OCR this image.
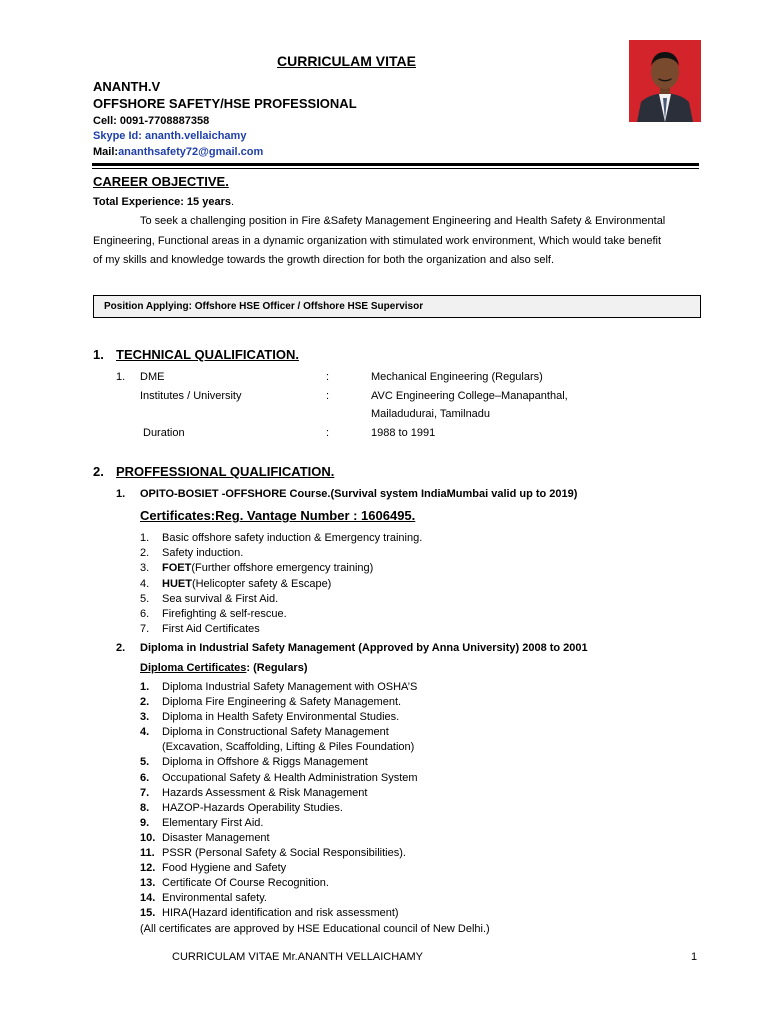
CURRICULAM VITAE
ANANTH.V
OFFSHORE SAFETY/HSE PROFESSIONAL
Cell: 0091-7708887358
Skype Id: ananth.vellaichamy
Mail:ananthsafety72@gmail.com
CAREER OBJECTIVE.
Total Experience: 15 years.
To seek a challenging position in Fire &Safety Management Engineering and Health Safety & Environmental
Engineering, Functional areas in a dynamic organization with stimulated work environment, Which would take benefit
of my skills and knowledge towards the growth direction for both the organization and also self.
Position Applying: Offshore HSE Officer / Offshore HSE Supervisor
1. TECHNICAL QUALIFICATION.
1. DME	:	Mechanical Engineering (Regulars)
Institutes / University	:	AVC Engineering College–Manapanthal,
Mailadudurai, Tamilnadu
Duration	:	1988 to 1991
2. PROFFESSIONAL QUALIFICATION.
1. OPITO-BOSIET -OFFSHORE Course.(Survival system IndiaMumbai valid up to 2019)
Certificates:Reg. Vantage Number : 1606495.
1. Basic offshore safety induction & Emergency training.
2. Safety induction.
3. FOET(Further offshore emergency training)
4. HUET(Helicopter safety & Escape)
5. Sea survival & First Aid.
6. Firefighting & self-rescue.
7. First Aid Certificates
2. Diploma in Industrial Safety Management (Approved by Anna University) 2008 to 2001
Diploma Certificates: (Regulars)
1. Diploma Industrial Safety Management with OSHA’S
2. Diploma Fire Engineering & Safety Management.
3. Diploma in Health Safety Environmental Studies.
4. Diploma in Constructional Safety Management
(Excavation, Scaffolding, Lifting & Piles Foundation)
5. Diploma in Offshore & Riggs Management
6. Occupational Safety & Health Administration System
7. Hazards Assessment & Risk Management
8. HAZOP-Hazards Operability Studies.
9. Elementary First Aid.
10. Disaster Management
11. PSSR (Personal Safety & Social Responsibilities).
12. Food Hygiene and Safety
13. Certificate Of Course Recognition.
14. Environmental safety.
15. HIRA(Hazard identification and risk assessment)
(All certificates are approved by HSE Educational council of New Delhi.)
CURRICULAM VITAE Mr.ANANTH VELLAICHAMY	1
